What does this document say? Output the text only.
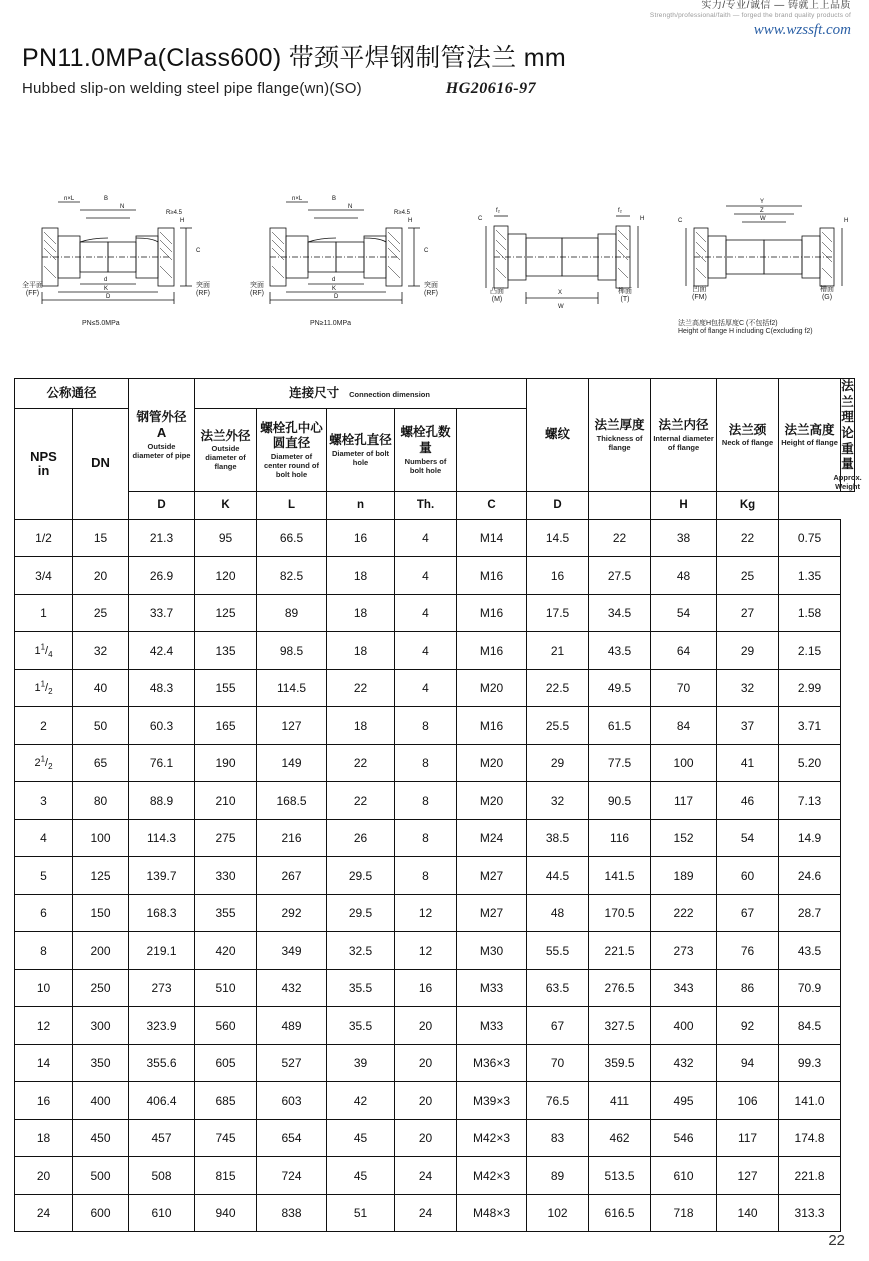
实力/专业/诚信 — 铸就上上品质
Strength/professional/faith — forged the brand quality products of
www.wzssft.com
PN11.0MPa(Class600) 带颈平焊钢制管法兰 mm
Hubbed slip-on welding steel pipe flange(wn)(SO)	HG20616-97
n×L	B
N
R≥4.5
d
K
D
H
C
全平面
(FF)
突面
(RF)
PN≤5.0MPa
n×L	B
N
R≥4.5
d
K
D
H
C
突面
(RF)
突面
(RF)
PN≥11.0MPa
f₂	f₂
C	H
X
W
凸面
(M)
榫面
(T)
Y
Z
W
C	H
凹面
(FM)
槽面
(G)
法兰高度H包括厚度C (不包括f2)
Height of flange H including C(excluding f2)
公称通径		钢管外径
A
Outside diameter of pipe	连接尺寸 Connection dimension					螺纹	法兰厚度
Thickness of flange	法兰内径
Internal diameter of flange	法兰颈
Neck of flange	法兰高度
Height of flange	法兰理论重量
Approx. Weight

NPS
in	DN		法兰外径
Outside diameter of flange	螺栓孔中心圆直径
Diameter of center round of bolt hole	螺栓孔直径
Diameter of bolt hole	螺栓孔数量
Numbers of bolt hole							

		D	K	L	n	Th.	C	D		H	Kg		
1/2	15	21.3	95	66.5	16	4	M14	14.5	22	38	22	0.75	
3/4	20	26.9	120	82.5	18	4	M16	16	27.5	48	25	1.35	
1	25	33.7	125	89	18	4	M16	17.5	34.5	54	27	1.58	
$1^1/_4$	32	42.4	135	98.5	18	4	M16	21	43.5	64	29	2.15	
$1^1/_2$	40	48.3	155	114.5	22	4	M20	22.5	49.5	70	32	2.99	
2	50	60.3	165	127	18	8	M16	25.5	61.5	84	37	3.71	
$2^1/_2$	65	76.1	190	149	22	8	M20	29	77.5	100	41	5.20	
3	80	88.9	210	168.5	22	8	M20	32	90.5	117	46	7.13	
4	100	114.3	275	216	26	8	M24	38.5	116	152	54	14.9	
5	125	139.7	330	267	29.5	8	M27	44.5	141.5	189	60	24.6	
6	150	168.3	355	292	29.5	12	M27	48	170.5	222	67	28.7	
8	200	219.1	420	349	32.5	12	M30	55.5	221.5	273	76	43.5	
10	250	273	510	432	35.5	16	M33	63.5	276.5	343	86	70.9	
12	300	323.9	560	489	35.5	20	M33	67	327.5	400	92	84.5	
14	350	355.6	605	527	39	20	M36×3	70	359.5	432	94	99.3	
16	400	406.4	685	603	42	20	M39×3	76.5	411	495	106	141.0	
18	450	457	745	654	45	20	M42×3	83	462	546	117	174.8	
20	500	508	815	724	45	24	M42×3	89	513.5	610	127	221.8	
24	600	610	940	838	51	24	M48×3	102	616.5	718	140	313.3	
22
